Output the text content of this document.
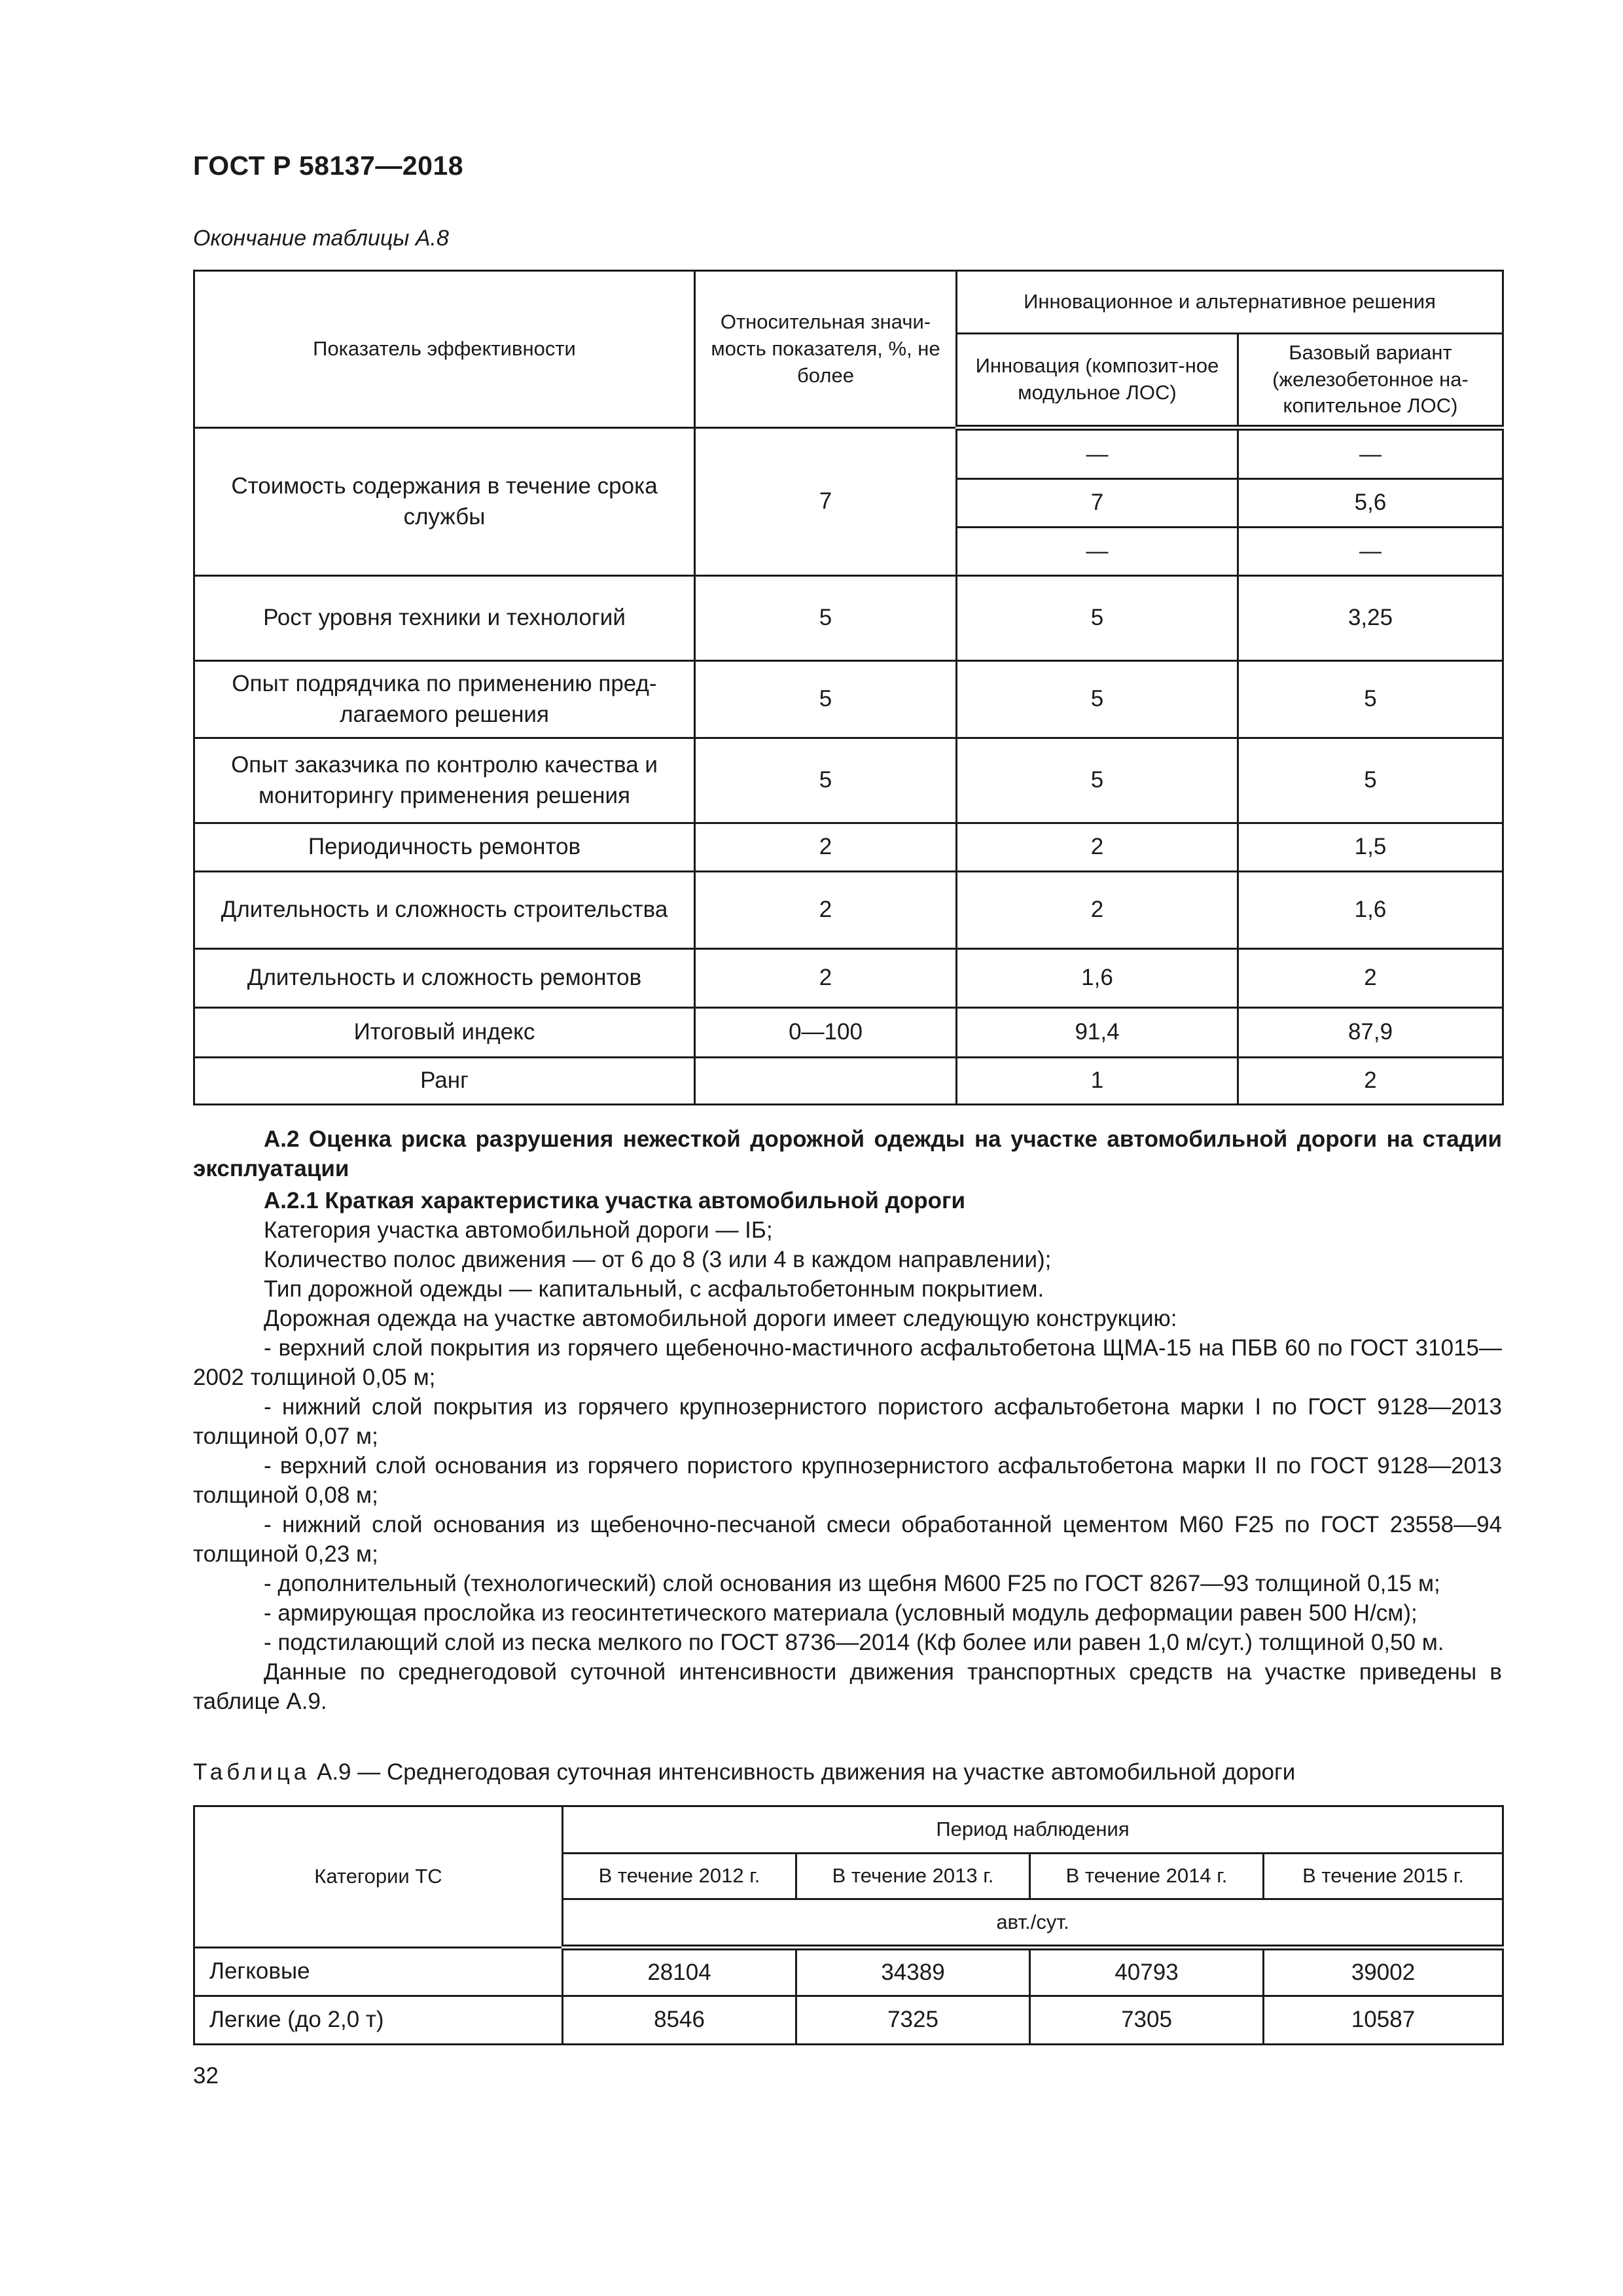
ГОСТ Р 58137—2018
Окончание таблицы А.8
Показатель эффективности	Относительная значи-мость показателя, %, не более	Инновационное и альтернативное решения	
		Инновация (композит-ное модульное ЛОС)	Базовый вариант (железобетонное на-копительное ЛОС)
Стоимость содержания в течение срока службы	7	—	—
		7	5,6
		—	—
Рост уровня техники и технологий	5	5	3,25
Опыт подрядчика по применению пред-лагаемого решения	5	5	5
Опыт заказчика по контролю качества и мониторингу применения решения	5	5	5
Периодичность ремонтов	2	2	1,5
Длительность и сложность строительства	2	2	1,6
Длительность и сложность ремонтов	2	1,6	2
Итоговый индекс	0—100	91,4	87,9
Ранг		1	2

А.2 Оценка риска разрушения нежесткой дорожной одежды на участке автомобильной дороги на стадии эксплуатации

А.2.1 Краткая характеристика участка автомобильной дороги

Категория участка автомобильной дороги — IБ;

Количество полос движения — от 6 до 8 (3 или 4 в каждом направлении);

Тип дорожной одежды — капитальный, с асфальтобетонным покрытием.

Дорожная одежда на участке автомобильной дороги имеет следующую конструкцию:

- верхний слой покрытия из горячего щебеночно-мастичного асфальтобетона ЩМА-15 на ПБВ 60 по ГОСТ 31015—2002 толщиной 0,05 м;

- нижний слой покрытия из горячего крупнозернистого пористого асфальтобетона марки I по ГОСТ 9128—2013 толщиной 0,07 м;

- верхний слой основания из горячего пористого крупнозернистого асфальтобетона марки II по ГОСТ 9128—2013 толщиной 0,08 м;

- нижний слой основания из щебеночно-песчаной смеси обработанной цементом М60 F25 по ГОСТ 23558—94 толщиной 0,23 м;

- дополнительный (технологический) слой основания из щебня М600 F25 по ГОСТ 8267—93 толщиной 0,15 м;

- армирующая прослойка из геосинтетического материала (условный модуль деформации равен 500 Н/см);

- подстилающий слой из песка мелкого по ГОСТ 8736—2014 (Кф более или равен 1,0 м/сут.) толщиной 0,50 м.

Данные по среднегодовой суточной интенсивности движения транспортных средств на участке приведены в таблице А.9.

Таблица А.9 — Среднегодовая суточная интенсивность движения на участке автомобильной дороги
Категории ТС	Период наблюдения			
	В течение 2012 г.	В течение 2013 г.	В течение 2014 г.	В течение 2015 г.
	авт./сут.			
Легковые	28104	34389	40793	39002
Легкие (до 2,0 т)	8546	7325	7305	10587
32
